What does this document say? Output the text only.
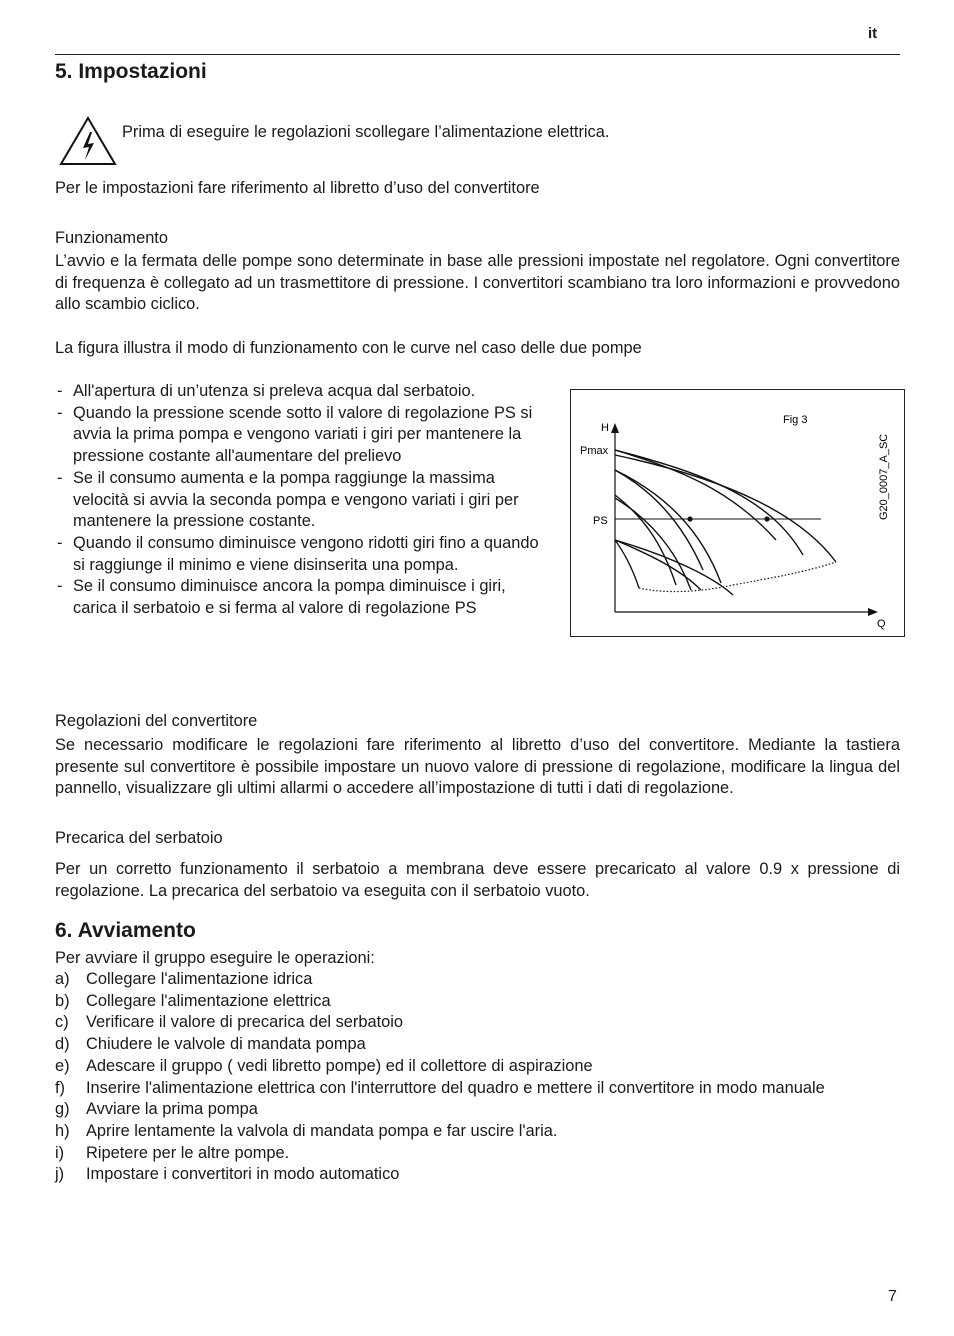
it
5. Impostazioni
Prima di eseguire le regolazioni scollegare l’alimentazione elettrica.
Per le impostazioni fare riferimento al libretto d’uso del convertitore
Funzionamento
L’avvio e la fermata delle pompe sono determinate in base alle pressioni impostate nel regolatore. Ogni convertitore di frequenza è collegato ad un trasmettitore di pressione. I convertitori scambiano tra loro informazioni e provvedono allo scambio ciclico.
La figura illustra il modo di funzionamento con le curve nel caso delle due pompe
- All'apertura di un’utenza si preleva acqua dal serbatoio.
- Quando la pressione scende sotto il valore di regolazione PS si avvia la prima pompa e vengono variati i giri per mantenere la pressione costante all'aumentare del prelievo
- Se il consumo aumenta e la pompa raggiunge la massima velocità si avvia la seconda pompa e vengono variati i giri per mantenere la pressione costante.
- Quando il consumo diminuisce vengono ridotti giri fino a quando si raggiunge il minimo e viene disinserita una pompa.
- Se il consumo diminuisce ancora la pompa diminuisce i giri, carica il serbatoio e si ferma al valore di regolazione PS
H
Pmax
PS
Q
Fig 3
G20_0007_A_SC
Regolazioni del convertitore
Se necessario modificare le regolazioni fare riferimento al libretto d’uso del convertitore. Mediante la tastiera presente sul convertitore è possibile impostare un nuovo valore di pressione di regolazione, modificare la lingua del pannello, visualizzare gli ultimi allarmi o accedere all’impostazione di tutti i dati di regolazione.
Precarica del serbatoio
Per un corretto funzionamento il serbatoio a membrana deve essere precaricato al valore 0.9 x pressione di regolazione. La precarica del serbatoio va eseguita con il serbatoio vuoto.
6. Avviamento
Per avviare il gruppo eseguire le operazioni:
a) Collegare l'alimentazione idrica
b) Collegare l'alimentazione elettrica
c) Verificare il valore di precarica del serbatoio
d) Chiudere le valvole di mandata pompa
e) Adescare il gruppo ( vedi libretto pompe) ed il collettore di aspirazione
f) Inserire l'alimentazione elettrica con l'interruttore del quadro e mettere il convertitore in modo manuale
g) Avviare la prima pompa
h) Aprire lentamente la valvola di mandata pompa e far uscire l'aria.
i) Ripetere per le altre pompe.
j) Impostare i convertitori in modo automatico
7
